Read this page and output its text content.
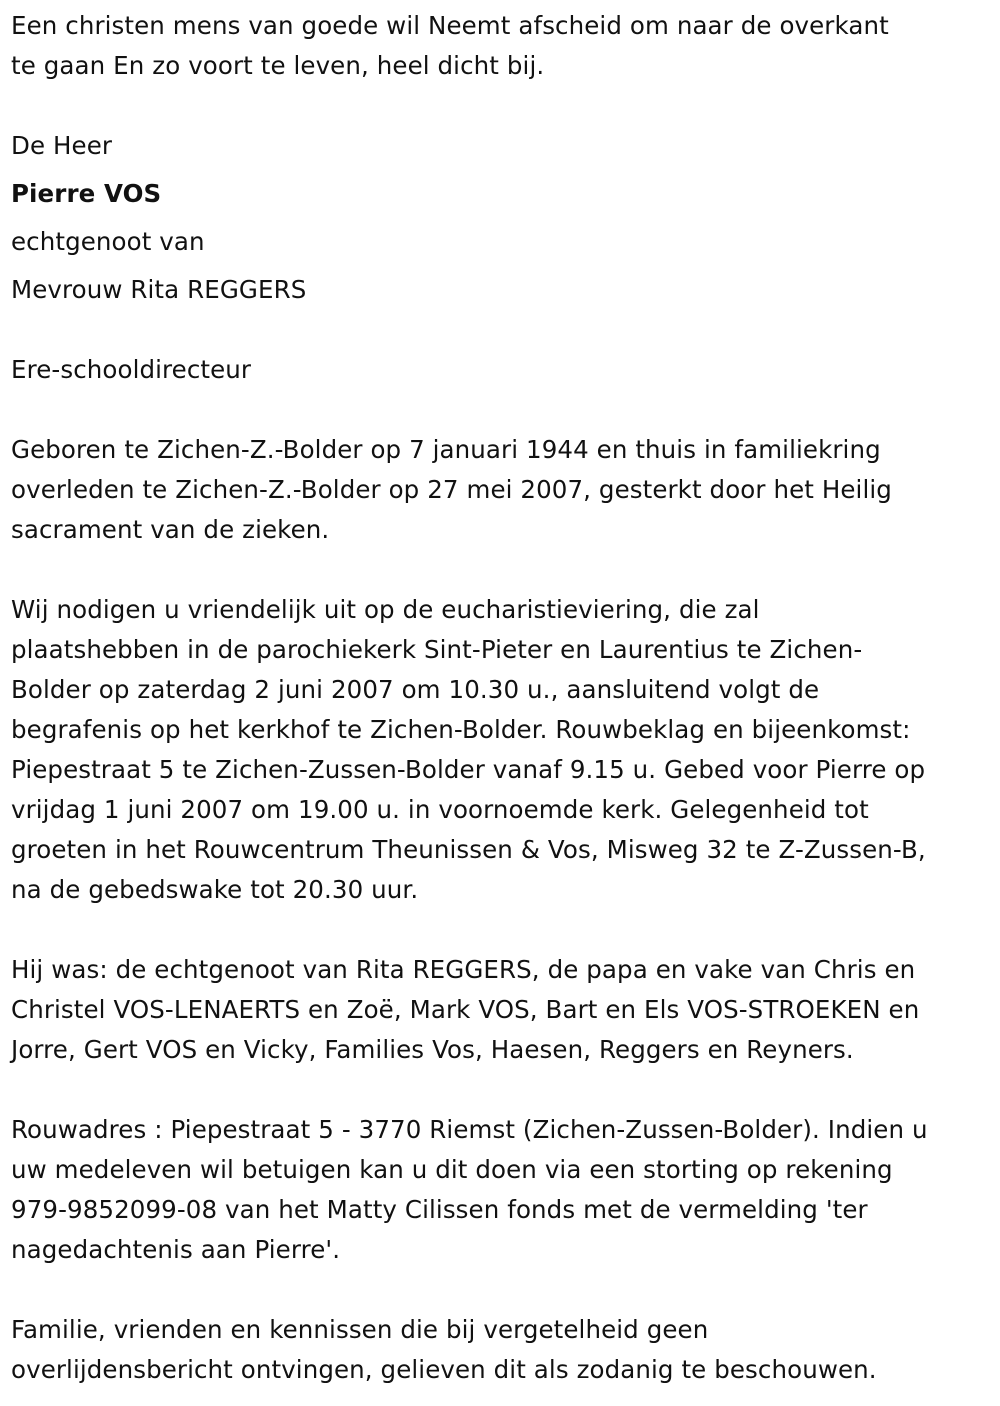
Een christen mens van goede wil Neemt afscheid om naar de overkant
te gaan En zo voort te leven, heel dicht bij.

De Heer

Pierre VOS

echtgenoot van

Mevrouw Rita REGGERS

Ere-schooldirecteur

Geboren te Zichen-Z.-Bolder op 7 januari 1944 en thuis in familiekring
overleden te Zichen-Z.-Bolder op 27 mei 2007, gesterkt door het Heilig
sacrament van de zieken.

Wij nodigen u vriendelijk uit op de eucharistieviering, die zal
plaatshebben in de parochiekerk Sint-Pieter en Laurentius te Zichen-
Bolder op zaterdag 2 juni 2007 om 10.30 u., aansluitend volgt de
begrafenis op het kerkhof te Zichen-Bolder. Rouwbeklag en bijeenkomst:
Piepestraat 5 te Zichen-Zussen-Bolder vanaf 9.15 u. Gebed voor Pierre op
vrijdag 1 juni 2007 om 19.00 u. in voornoemde kerk. Gelegenheid tot
groeten in het Rouwcentrum Theunissen & Vos, Misweg 32 te Z-Zussen-B,
na de gebedswake tot 20.30 uur.

Hij was: de echtgenoot van Rita REGGERS, de papa en vake van Chris en
Christel VOS-LENAERTS en Zoë, Mark VOS, Bart en Els VOS-STROEKEN en
Jorre, Gert VOS en Vicky, Families Vos, Haesen, Reggers en Reyners.

Rouwadres : Piepestraat 5 - 3770 Riemst (Zichen-Zussen-Bolder). Indien u
uw medeleven wil betuigen kan u dit doen via een storting op rekening
979-9852099-08 van het Matty Cilissen fonds met de vermelding 'ter
nagedachtenis aan Pierre'.

Familie, vrienden en kennissen die bij vergetelheid geen
overlijdensbericht ontvingen, gelieven dit als zodanig te beschouwen.
